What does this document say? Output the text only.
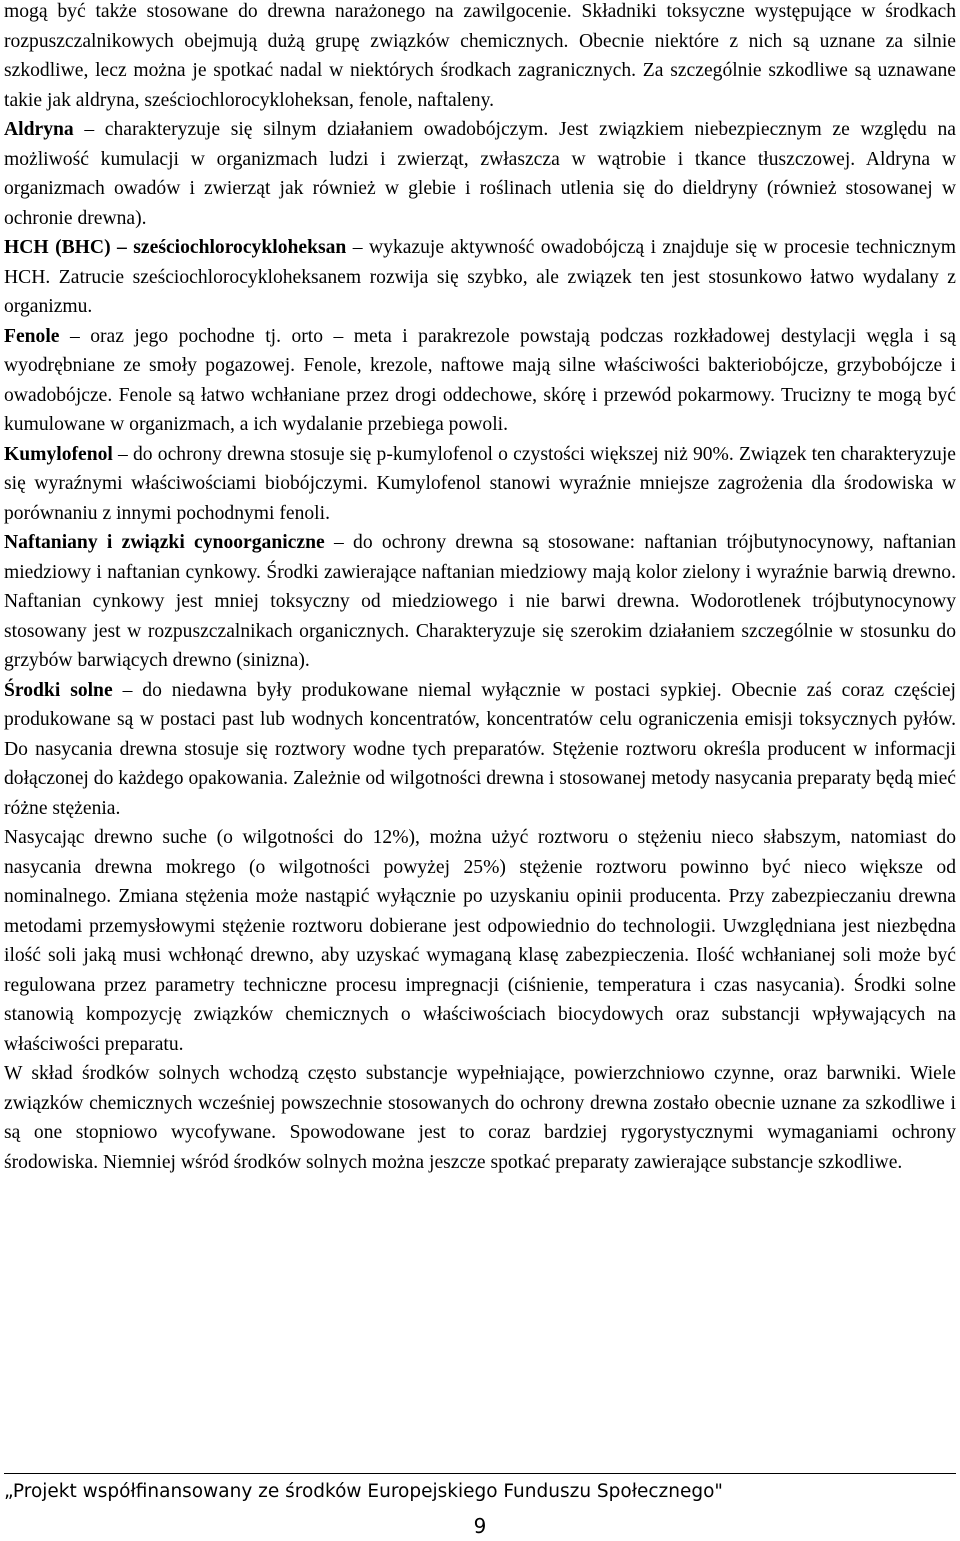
mogą być także stosowane do drewna narażonego na zawilgocenie. Składniki toksyczne występujące w środkach rozpuszczalnikowych obejmują dużą grupę związków chemicznych. Obecnie niektóre z nich są uznane za silnie szkodliwe, lecz można je spotkać nadal w niektórych środkach zagranicznych. Za szczególnie szkodliwe są uznawane takie jak aldryna, sześciochlorocykloheksan, fenole, naftaleny.

Aldryna – charakteryzuje się silnym działaniem owadobójczym. Jest związkiem niebezpiecznym ze względu na możliwość kumulacji w organizmach ludzi i zwierząt, zwłaszcza w wątrobie i tkance tłuszczowej. Aldryna w organizmach owadów i zwierząt jak również w glebie i roślinach utlenia się do dieldryny (również stosowanej w ochronie drewna).

HCH (BHC) – sześciochlorocykloheksan – wykazuje aktywność owadobójczą i znajduje się w procesie technicznym HCH. Zatrucie sześciochlorocykloheksanem rozwija się szybko, ale związek ten jest stosunkowo łatwo wydalany z organizmu.

Fenole – oraz jego pochodne tj. orto – meta i parakrezole powstają podczas rozkładowej destylacji węgla i są wyodrębniane ze smoły pogazowej. Fenole, krezole, naftowe mają silne właściwości bakteriobójcze, grzybobójcze i owadobójcze. Fenole są łatwo wchłaniane przez drogi oddechowe, skórę i przewód pokarmowy. Trucizny te mogą być kumulowane w organizmach, a ich wydalanie przebiega powoli.

Kumylofenol – do ochrony drewna stosuje się p-kumylofenol o czystości większej niż 90%. Związek ten charakteryzuje się wyraźnymi właściwościami biobójczymi. Kumylofenol stanowi wyraźnie mniejsze zagrożenia dla środowiska w porównaniu z innymi pochodnymi fenoli.

Naftaniany i związki cynoorganiczne – do ochrony drewna są stosowane: naftanian trójbutynocynowy, naftanian miedziowy i naftanian cynkowy. Środki zawierające naftanian miedziowy mają kolor zielony i wyraźnie barwią drewno. Naftanian cynkowy jest mniej toksyczny od miedziowego i nie barwi drewna. Wodorotlenek trójbutynocynowy stosowany jest w rozpuszczalnikach organicznych. Charakteryzuje się szerokim działaniem szczególnie w stosunku do grzybów barwiących drewno (sinizna).

Środki solne – do niedawna były produkowane niemal wyłącznie w postaci sypkiej. Obecnie zaś coraz częściej produkowane są w postaci past lub wodnych koncentratów, koncentratów celu ograniczenia emisji toksycznych pyłów. Do nasycania drewna stosuje się roztwory wodne tych preparatów. Stężenie roztworu określa producent w informacji dołączonej do każdego opakowania. Zależnie od wilgotności drewna i stosowanej metody nasycania preparaty będą mieć różne stężenia.

Nasycając drewno suche (o wilgotności do 12%), można użyć roztworu o stężeniu nieco słabszym, natomiast do nasycania drewna mokrego (o wilgotności powyżej 25%) stężenie roztworu powinno być nieco większe od nominalnego. Zmiana stężenia może nastąpić wyłącznie po uzyskaniu opinii producenta. Przy zabezpieczaniu drewna metodami przemysłowymi stężenie roztworu dobierane jest odpowiednio do technologii. Uwzględniana jest niezbędna ilość soli jaką musi wchłonąć drewno, aby uzyskać wymaganą klasę zabezpieczenia. Ilość wchłanianej soli może być regulowana przez parametry techniczne procesu impregnacji (ciśnienie, temperatura i czas nasycania). Środki solne stanowią kompozycję związków chemicznych o właściwościach biocydowych oraz substancji wpływających na właściwości preparatu.

W skład środków solnych wchodzą często substancje wypełniające, powierzchniowo czynne, oraz barwniki. Wiele związków chemicznych wcześniej powszechnie stosowanych do ochrony drewna zostało obecnie uznane za szkodliwe i są one stopniowo wycofywane. Spowodowane jest to coraz bardziej rygorystycznymi wymaganiami ochrony środowiska. Niemniej wśród środków solnych można jeszcze spotkać preparaty zawierające substancje szkodliwe.

„Projekt współfinansowany ze środków Europejskiego Funduszu Społecznego"
9
